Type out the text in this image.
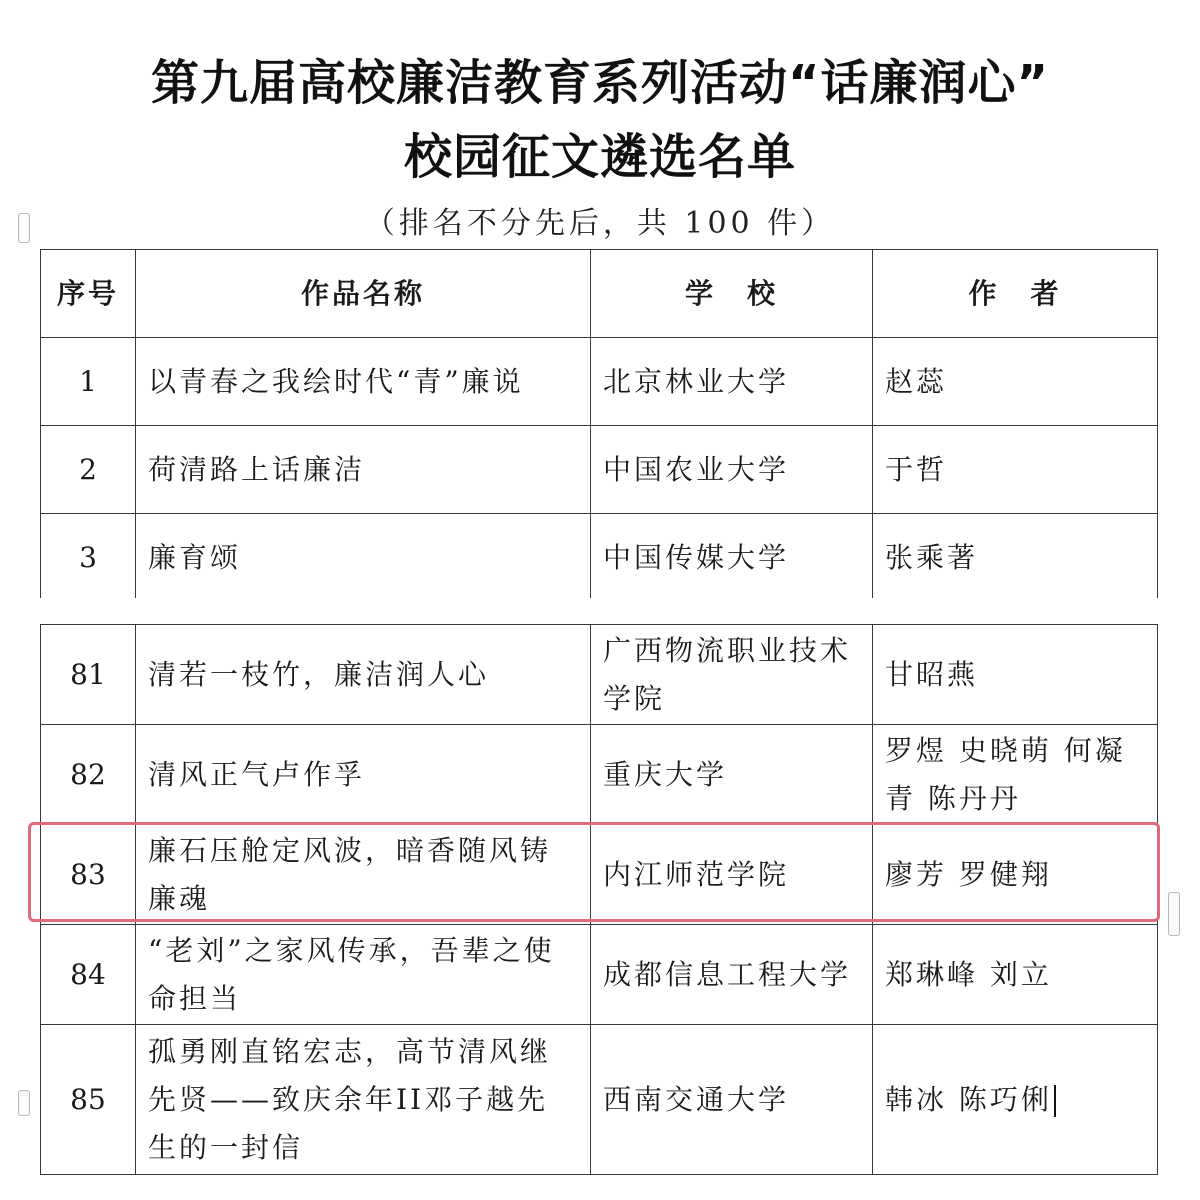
第九届高校廉洁教育系列活动“话廉润心”
校园征文遴选名单
（排名不分先后，共 100 件）
序号	作品名称	学　校	作　者
1	以青春之我绘时代“青”廉说	北京林业大学	赵蕊
2	荷清路上话廉洁	中国农业大学	于哲
3	廉育颂	中国传媒大学	张乘著
81	清若一枝竹，廉洁润人心	广西物流职业技术学院	甘昭燕
82	清风正气卢作孚	重庆大学	罗煜 史晓萌 何凝青 陈丹丹
83	廉石压舱定风波，暗香随风铸廉魂	内江师范学院	廖芳 罗健翔
84	“老刘”之家风传承，吾辈之使命担当	成都信息工程大学	郑琳峰 刘立
85	孤勇刚直铭宏志，高节清风继先贤——致庆余年II邓子越先生的一封信	西南交通大学	韩冰 陈巧俐
